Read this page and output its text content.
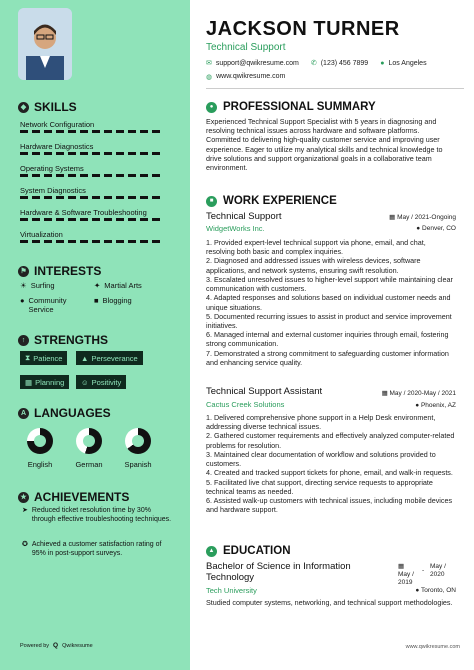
◆ SKILLS
Network Configuration
Hardware Diagnostics
Operating Systems
System Diagnostics
Hardware & Software Troubleshooting
Virtualization
⚑ INTERESTS
☀ Surfing	✦ Martial Arts
● Community Service
■ Blogging
↑ STRENGTHS
⧗ Patience ▲ Perseverance
▦ Planning ☺ Positivity
A LANGUAGES
English	German	Spanish
★ ACHIEVEMENTS
➤ Reduced ticket resolution time by 30% through effective troubleshooting techniques.
✪ Achieved a customer satisfaction rating of 95% in post-support surveys.
JACKSON TURNER
Technical Support
✉ support@qwikresume.com ✆ (123) 456 7899 ● Los Angeles
◍ www.qwikresume.com
● PROFESSIONAL SUMMARY
Experienced Technical Support Specialist with 5 years in diagnosing and resolving technical issues across hardware and software platforms. Committed to delivering high-quality customer service and improving user experience. Eager to utilize my analytical skills and technical knowledge to drive solutions and support organizational goals in a collaborative team environment.
■ WORK EXPERIENCE
Technical Support	▦ May / 2021-Ongoing
WidgetWorks Inc.	● Denver, CO
1. Provided expert-level technical support via phone, email, and chat, resolving both basic and complex inquiries.
2. Diagnosed and addressed issues with wireless devices, software applications, and network systems, ensuring swift resolution.
3. Escalated unresolved issues to higher-level support while maintaining clear communication with customers.
4. Adapted responses and solutions based on individual customer needs and unique situations.
5. Documented recurring issues to assist in product and service improvement initiatives.
6. Managed internal and external customer inquiries through email, fostering strong communication.
7. Demonstrated a strong commitment to safeguarding customer information and enhancing service quality.
Technical Support Assistant	▦ May / 2020-May / 2021
Cactus Creek Solutions	● Phoenix, AZ
1. Delivered comprehensive phone support in a Help Desk environment, addressing diverse technical issues.
2. Gathered customer requirements and effectively analyzed computer-related problems for resolution.
3. Maintained clear documentation of workflow and solutions provided to customers.
4. Created and tracked support tickets for phone, email, and walk-in requests.
5. Facilitated live chat support, directing service requests to appropriate technical teams as needed.
6. Assisted walk-up customers with technical issues, including mobile devices and hardware support.
▲ EDUCATION
Bachelor of Science in Information Technology
▦ May / 2019
-
May / 2020
Tech University	● Toronto, ON
Studied computer systems, networking, and technical support methodologies.
www.qwikresume.com
Powered by Q Qwikresume
